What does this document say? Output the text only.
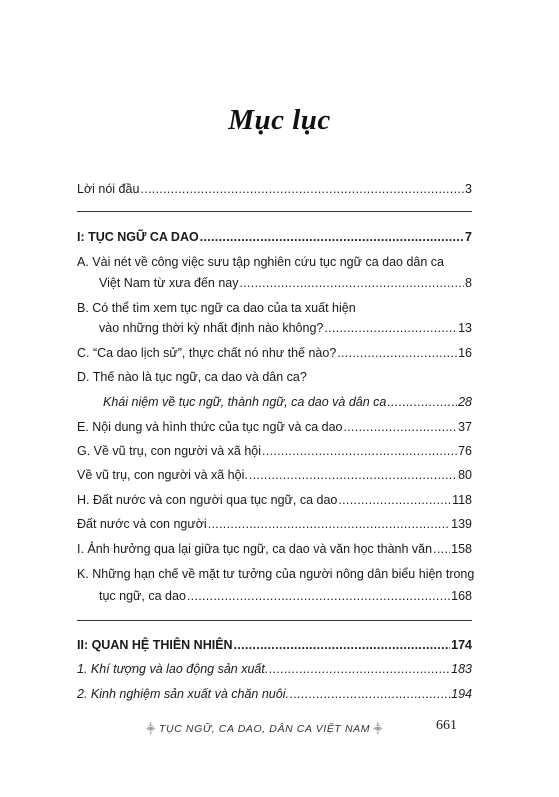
Mục lục
Lời nói đầu .....	3
I: TỤC NGỮ CA DAO .....	7
A. Vài nét về công việc sưu tập nghiên cứu tục ngữ ca dao dân ca
Việt Nam từ xưa đến nay .....	8
B. Có thể tìm xem tục ngữ ca dao của ta xuất hiện
vào những thời kỳ nhất định nào không? .....	13
C. “Ca dao lịch sử”, thực chất nó như thế nào? .....	16
D. Thế nào là tục ngữ, ca dao và dân ca?
Khái niệm về tục ngữ, thành ngữ, ca dao và dân ca .....	28
E. Nội dung và hình thức của tục ngữ và ca dao .....	37
G. Về vũ trụ, con người và xã hội .....	76
Về vũ trụ, con người và xã hội. .....	80
H. Đất nước và con người qua tục ngữ, ca dao .....	118
Đất nước và con người .....	139
I. Ảnh hưởng qua lại giữa tục ngữ, ca dao và văn học thành văn ..... 158
K. Những hạn chế về mặt tư tưởng của người nông dân biểu hiện trong
tục ngữ, ca dao .....	168
II: QUAN HỆ THIÊN NHIÊN .....	174
1. Khí tượng và lao động sản xuất. .....	183
2. Kinh nghiệm sản xuất và chăn nuôi. .....	194
⸎ TỤC NGỮ, CA DAO, DÂN CA VIỆT NAM ⸎	661
